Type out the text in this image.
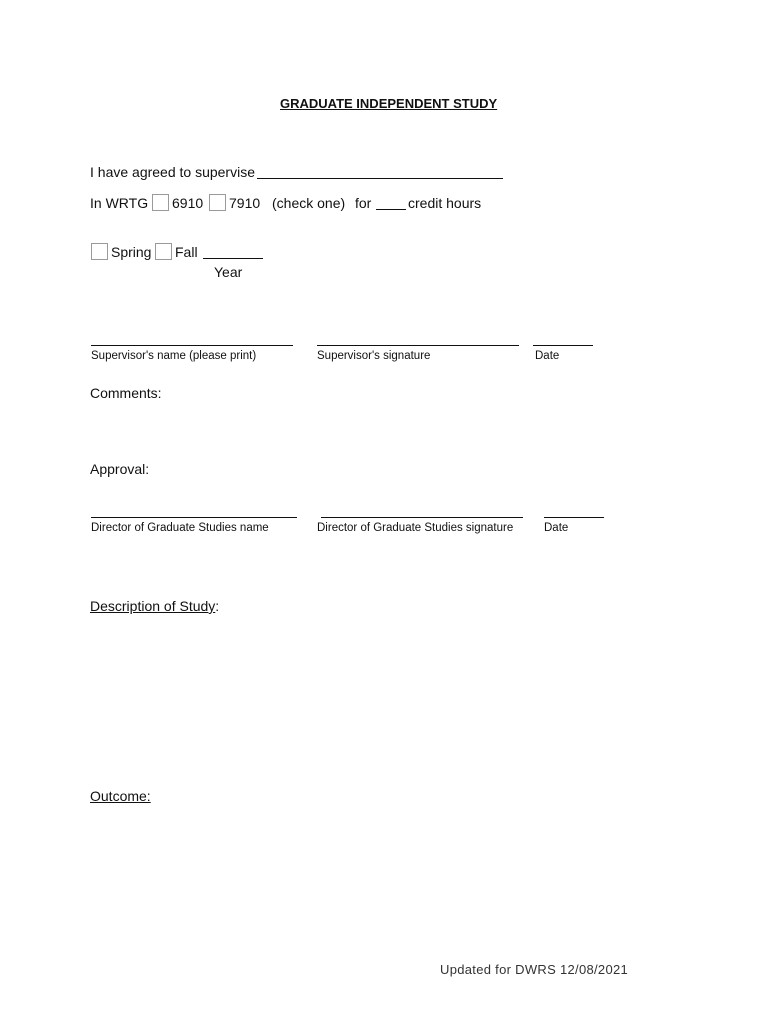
GRADUATE INDEPENDENT STUDY
I have agreed to supervise
In WRTG 6910 7910 (check one) for	credit hours
Spring Fall
Year
Supervisor's name (please print)	Supervisor's signature	Date
Comments:
Approval:
Director of Graduate Studies name	Director of Graduate Studies signature	Date
Description of Study:
Outcome:
Updated for DWRS 12/08/2021
